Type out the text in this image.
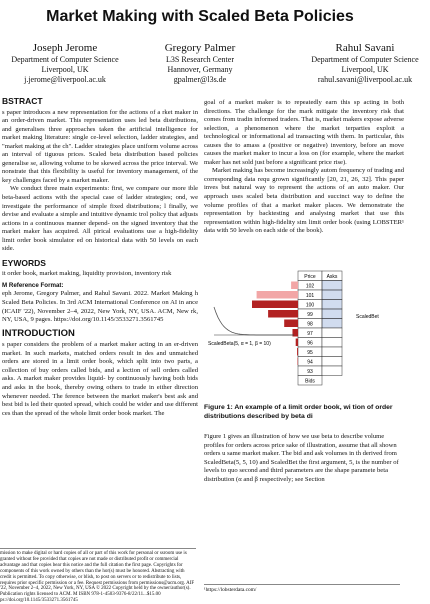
Market Making with Scaled Beta Policies
Joseph Jerome
Department of Computer Science
Liverpool, UK
j.jerome@liverpool.ac.uk
Gregory Palmer
L3S Research Center
Hannover, Germany
gpalmer@l3s.de
Rahul Savani
Department of Computer Science
Liverpool, UK
rahul.savani@liverpool.ac.uk
BSTRACT

s paper introduces a new representation for the actions of a rket maker in an order-driven market. This representation uses led beta distributions, and generalises three approaches taken the artificial intelligence for market making literature: single ce-level selection, ladder strategies, and "market making at the ch". Ladder strategies place uniform volume across an interval of tiguous prices. Scaled beta distribution based policies generalise se, allowing volume to be skewed across the price interval. We nonstrate that this flexibility is useful for inventory management, of the key challenges faced by a market maker.

We conduct three main experiments: first, we compare our more ible beta-based actions with the special case of ladder strategies; ond, we investigate the performance of simple fixed distributions; l finally, we devise and evaluate a simple and intuitive dynamic trol policy that adjusts actions in a continuous manner depend- on the signed inventory that the market maker has acquired. All pirical evaluations use a high-fidelity limit order book simulator ed on historical data with 50 levels on each side.

EYWORDS

it order book, market making, liquidity provision, inventory risk

M Reference Format:

eph Jerome, Gregory Palmer, and Rahul Savani. 2022. Market Making h Scaled Beta Policies. In 3rd ACM International Conference on AI in ance (ICAIF '22), November 2–4, 2022, New York, NY, USA. ACM, New rk, NY, USA, 9 pages. https://doi.org/10.1145/3533271.3561745

INTRODUCTION

s paper considers the problem of a market maker acting in an er-driven market. In such markets, matched orders result in des and unmatched orders are stored in a limit order book, which split into two parts, a collection of buy orders called bids, and a lection of sell orders called asks. A market maker provides liquid- by continuously having both bids and asks in the book, thereby owing others to trade in either direction whenever needed. The ference between the market maker's best ask and best bid is led their quoted spread, which could be wider and use different ces than the spread of the whole limit order book market. The

mission to make digital or hard copies of all or part of this work for personal or ssroom use is granted without fee provided that copies are not made or distributed profit or commercial advantage and that copies bear this notice and the full citation the first page. Copyrights for components of this work owned by others than the hor(s) must be honored. Abstracting with credit is permitted. To copy otherwise, or blish, to post on servers or to redistribute to lists, requires prior specific permission or a fee. Request permissions from permissions@acm.org. AIF '22, November 2–4, 2022, New York, NY, USA © 2022 Copyright held by the owner/author(s). Publication rights licensed to ACM. M ISBN 978-1-4503-9376-8/22/11...$15.00 ps://doi.org/10.1145/3533271.3561745

goal of a market maker is to repeatedly earn this sp acting in both directions. The challenge for the mark mitigate the inventory risk that comes from tradin informed traders. That is, market makers expose adverse selection, a phenomenon where the market terparties exploit a technological or informational ad transacting with them. In particular, this causes the to amass a (positive or negative) inventory, before an move causes the market maker to incur a loss on (for example, where the market maker has net sold just before a significant price rise).

Market making has become increasingly autom frequency of trading and corresponding data requ grown significantly [20, 21, 26, 32]. This paper inves but natural way to represent the actions of an auto maker. Our approach uses scaled beta distribution and succinct way to define the volume profiles of that a market maker places. We demonstrate the representation by backtesting and analysing market that use this representation within high-fidelity sim limit order book (using LOBSTER¹ data with 50 levels on each side of the book).

Price Asks
102
101
100
99
98
97
96
95
94
93
Bids
ScaledBeta(5, α = 1, β = 10)
ScaledBet
Figure 1: An example of a limit order book, wi tion of order distributions described by beta di
Figure 1 gives an illustration of how we use beta to describe volume profiles for orders across price sake of illustration, assume that all shown orders u same market maker. The bid and ask volumes in th derived from ScaledBeta(5, 5, 10) and ScaledBet the first argument, 5, is the number of levels to quo second and third parameters are the shape paramete beta distribution (α and β respectively; see Section
¹https://lobsterdata.com/
